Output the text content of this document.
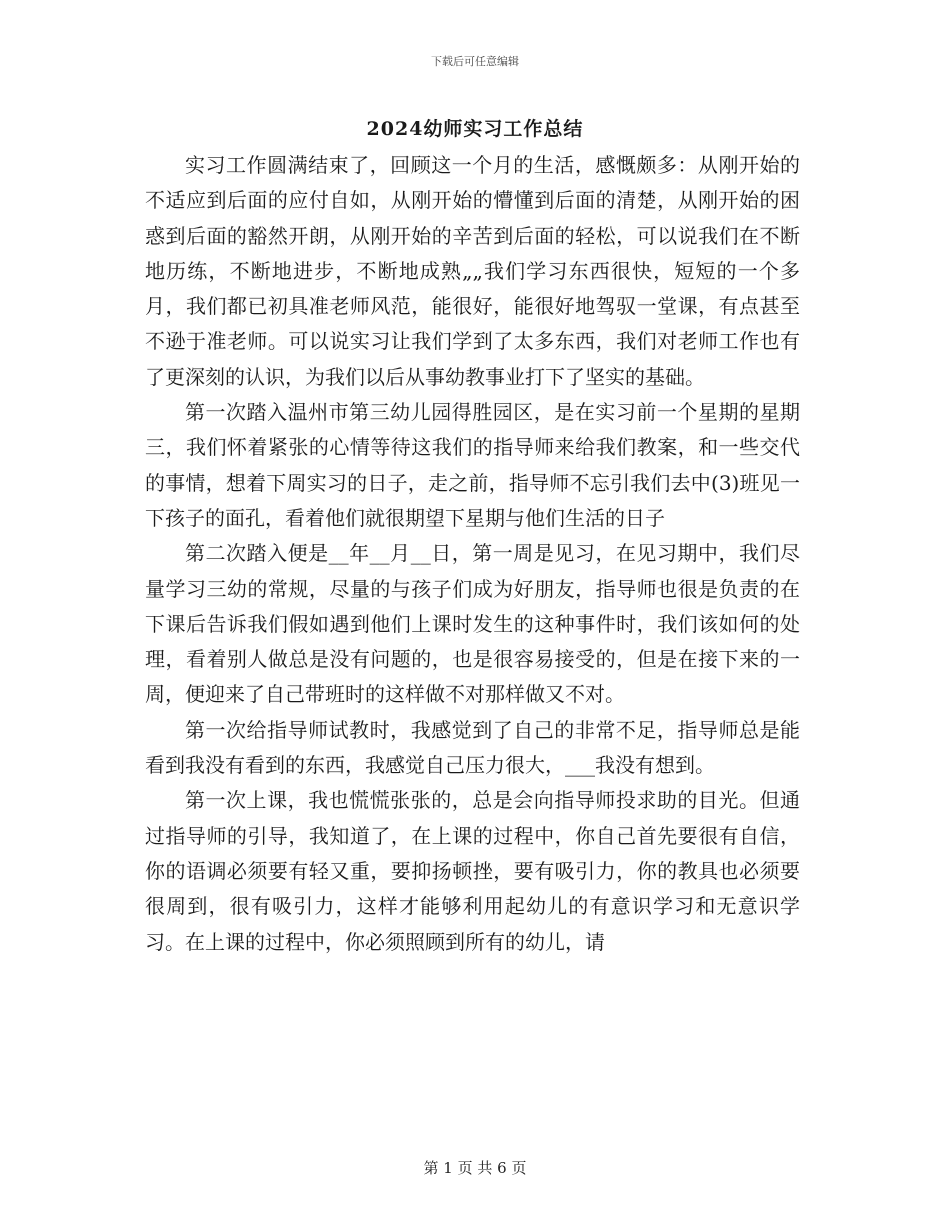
下载后可任意编辑
2024幼师实习工作总结

实习工作圆满结束了，回顾这一个月的生活，感慨颇多：从刚开始的不适应到后面的应付自如，从刚开始的懵懂到后面的清楚，从刚开始的困惑到后面的豁然开朗，从刚开始的辛苦到后面的轻松，可以说我们在不断地历练，不断地进步，不断地成熟„„我们学习东西很快，短短的一个多月，我们都已初具准老师风范，能很好，能很好地驾驭一堂课，有点甚至不逊于准老师。可以说实习让我们学到了太多东西，我们对老师工作也有了更深刻的认识，为我们以后从事幼教事业打下了坚实的基础。

第一次踏入温州市第三幼儿园得胜园区，是在实习前一个星期的星期三，我们怀着紧张的心情等待这我们的指导师来给我们教案，和一些交代的事情，想着下周实习的日子，走之前，指导师不忘引我们去中(3)班见一下孩子的面孔，看着他们就很期望下星期与他们生活的日子

第二次踏入便是__年__月__日，第一周是见习，在见习期中，我们尽量学习三幼的常规，尽量的与孩子们成为好朋友，指导师也很是负责的在下课后告诉我们假如遇到他们上课时发生的这种事件时，我们该如何的处理，看着别人做总是没有问题的，也是很容易接受的，但是在接下来的一周，便迎来了自己带班时的这样做不对那样做又不对。

第一次给指导师试教时，我感觉到了自己的非常不足，指导师总是能看到我没有看到的东西，我感觉自己压力很大，___我没有想到。

第一次上课，我也慌慌张张的，总是会向指导师投求助的目光。但通过指导师的引导，我知道了，在上课的过程中，你自己首先要很有自信，你的语调必须要有轻又重，要抑扬顿挫，要有吸引力，你的教具也必须要很周到，很有吸引力，这样才能够利用起幼儿的有意识学习和无意识学习。在上课的过程中，你必须照顾到所有的幼儿，请

第 1 页 共 6 页
